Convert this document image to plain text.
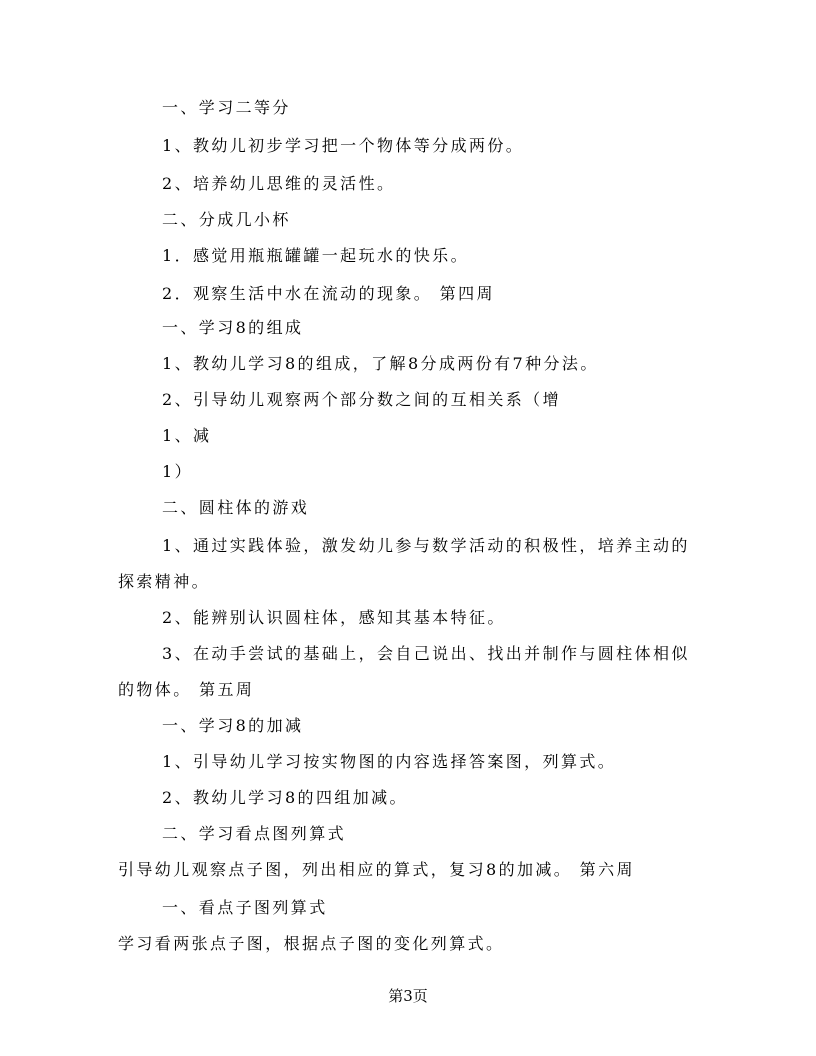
一、学习二等分
1、教幼儿初步学习把一个物体等分成两份。
2、培养幼儿思维的灵活性。
二、分成几小杯
1．感觉用瓶瓶罐罐一起玩水的快乐。
2．观察生活中水在流动的现象。 第四周
一、学习8的组成
1、教幼儿学习8的组成，了解8分成两份有7种分法。
2、引导幼儿观察两个部分数之间的互相关系（增
1、减
1）
二、圆柱体的游戏
1、通过实践体验，激发幼儿参与数学活动的积极性，培养主动的
探索精神。
2、能辨别认识圆柱体，感知其基本特征。
3、在动手尝试的基础上，会自己说出、找出并制作与圆柱体相似
的物体。 第五周
一、学习8的加减
1、引导幼儿学习按实物图的内容选择答案图，列算式。
2、教幼儿学习8的四组加减。
二、学习看点图列算式
引导幼儿观察点子图，列出相应的算式，复习8的加减。 第六周
一、看点子图列算式
学习看两张点子图，根据点子图的变化列算式。
第3页
